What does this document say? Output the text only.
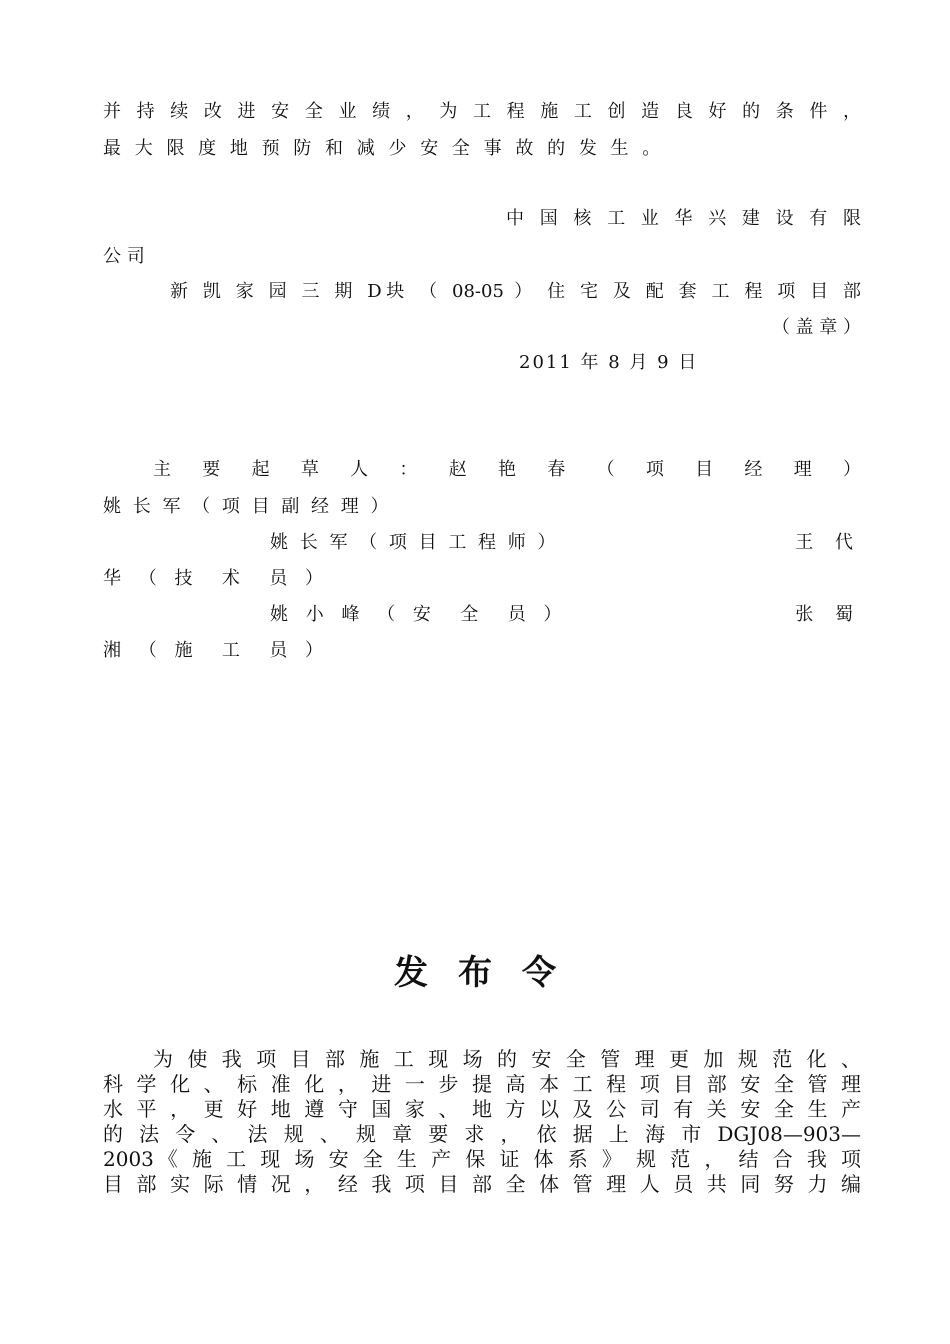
并 持 续 改 进 安 全 业 绩 ， 为 工 程 施 工 创 造 良 好 的 条 件 ，
最 大 限 度 地 预 防 和 减 少 安 全 事 故 的 发 生 。
中 国 核 工 业 华 兴 建 设 有 限
公 司
新 凯 家 园 三 期 D块 （ 08-05 ） 住 宅 及 配 套 工 程 项 目 部
（ 盖 章 ）
2011 年 8 月 9 日
主 要 起 草 人 ： 赵 艳 春 （ 项 目 经 理 ）
姚 长 军 （ 项 目 副 经 理 ）
姚 长 军 （ 项 目 工 程 师 ）	王 代
华 （ 技  术  员 ）
姚 小 峰 （ 安  全  员 ）	张 蜀
湘 （ 施  工  员 ）
发布令
为 使 我 项 目 部 施 工 现 场 的 安 全 管 理 更 加 规 范 化 、
科 学 化 、 标 准 化 ， 进 一 步 提 高 本 工 程 项 目 部 安 全 管 理
水 平 ， 更 好 地 遵 守 国 家 、 地 方 以 及 公 司 有 关 安 全 生 产
的 法 令 、 法 规 、 规 章 要 求 ， 依 据 上 海 市 DGJ08—903—
2003《 施 工 现 场 安 全 生 产 保 证 体 系 》 规 范 ， 结 合 我 项
目 部 实 际 情 况 ， 经 我 项 目 部 全 体 管 理 人 员 共 同 努 力 编
